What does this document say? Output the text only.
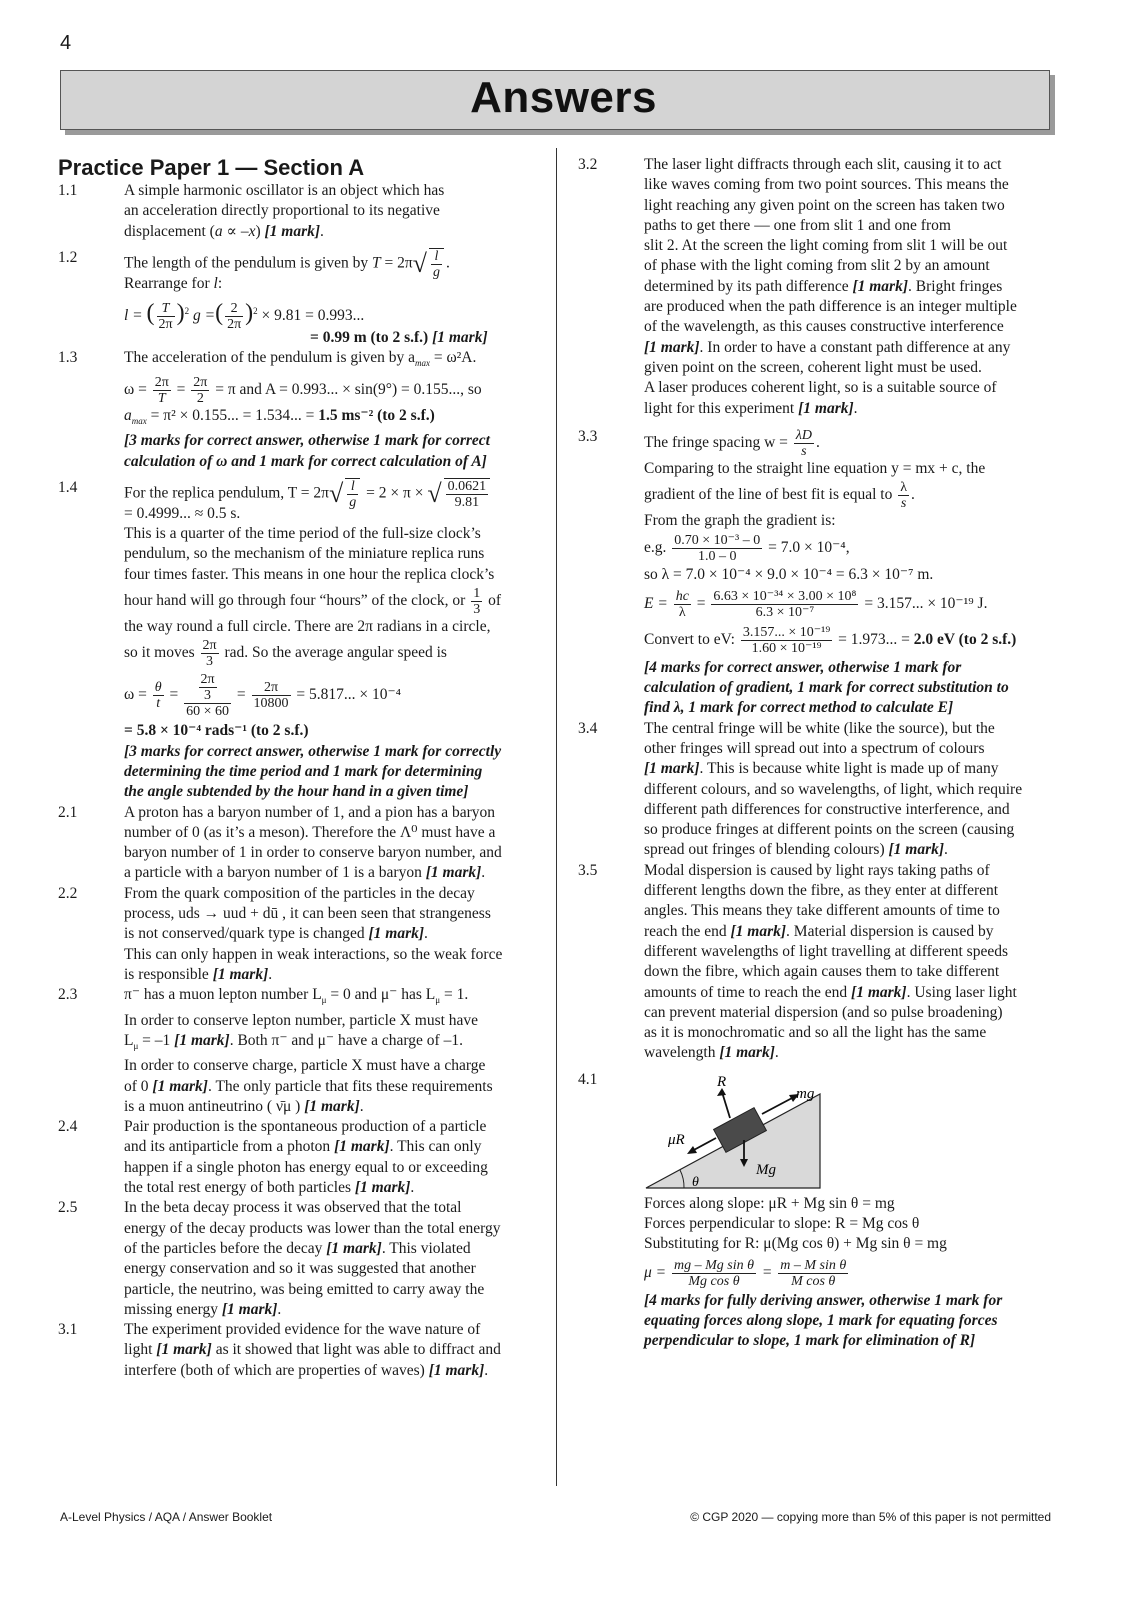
4
Answers
Practice Paper 1 — Section A
1.1	A simple harmonic oscillator is an object which has
an acceleration directly proportional to its negative
displacement (a ∝ –x) [1 mark].
1.2	The length of the pendulum is given by $T = 2\pi√ \frac{l}{g}$ .
Rearrange for l:
l = ( $\frac{T}{2\pi} )^2$ g =( $\frac{2}{2\pi} )^2 \times 9.81 = 0.993$...
= 0.99 m (to 2 s.f.) [1 mark]
1.3	The acceleration of the pendulum is given by $a_{max} = \omega^2A$.
$\omega = \frac{2\pi}{T} = \frac{2\pi}{2} = \pi$ and A = 0.993... × sin(9°) = 0.155..., so
$a_{max} = \pi^2 \times 0.155$... = 1.534... = 1.5 ms⁻² (to 2 s.f.)
[3 marks for correct answer, otherwise 1 mark for correct
calculation of ω and 1 mark for correct calculation of A]
1.4	For the replica pendulum, $T = 2\pi√ \frac{l}{g} = 2 \times \pi$ × √ $\frac{0.0621}{9.81}$
= 0.4999... ≈ 0.5 s.
This is a quarter of the time period of the full-size clock’s
pendulum, so the mechanism of the miniature replica runs
four times faster. This means in one hour the replica clock’s
hour hand will go through four “hours” of the clock, or $\frac{1}{3}$ of
the way round a full circle. There are 2π radians in a circle,
so it moves $\frac{2\pi}{3}$ rad. So the average angular speed is
$\omega = \frac{\theta}{t} = \frac{\frac{2\pi}{3}}{60 \times 60} = \frac{2\pi}{10800} = 5.817$... × 10⁻⁴
= 5.8 × 10⁻⁴ rads⁻¹ (to 2 s.f.)
[3 marks for correct answer, otherwise 1 mark for correctly
determining the time period and 1 mark for determining
the angle subtended by the hour hand in a given time]
2.1	A proton has a baryon number of 1, and a pion has a baryon
number of 0 (as it’s a meson). Therefore the Λ⁰ must have a
baryon number of 1 in order to conserve baryon number, and
a particle with a baryon number of 1 is a baryon [1 mark].
2.2	From the quark composition of the particles in the decay
process, uds → uud + dū , it can been seen that strangeness
is not conserved/quark type is changed [1 mark].
This can only happen in weak interactions, so the weak force
is responsible [1 mark].
2.3	π⁻ has a muon lepton number $L_\mu = 0$ and μ⁻ has $L_\mu = 1$.
In order to conserve lepton number, particle X must have
$L_\mu = -1$ [1 mark]. Both π⁻ and μ⁻ have a charge of –1.
In order to conserve charge, particle X must have a charge
of 0 [1 mark]. The only particle that fits these requirements
is a muon antineutrino ( ν̄μ ) [1 mark].
2.4	Pair production is the spontaneous production of a particle
and its antiparticle from a photon [1 mark]. This can only
happen if a single photon has energy equal to or exceeding
the total rest energy of both particles [1 mark].
2.5	In the beta decay process it was observed that the total
energy of the decay products was lower than the total energy
of the particles before the decay [1 mark]. This violated
energy conservation and so it was suggested that another
particle, the neutrino, was being emitted to carry away the
missing energy [1 mark].
3.1	The experiment provided evidence for the wave nature of
light [1 mark] as it showed that light was able to diffract and
interfere (both of which are properties of waves) [1 mark].
3.2	The laser light diffracts through each slit, causing it to act
like waves coming from two point sources. This means the
light reaching any given point on the screen has taken two
paths to get there — one from slit 1 and one from
slit 2. At the screen the light coming from slit 1 will be out
of phase with the light coming from slit 2 by an amount
determined by its path difference [1 mark]. Bright fringes
are produced when the path difference is an integer multiple
of the wavelength, as this causes constructive interference
[1 mark]. In order to have a constant path difference at any
given point on the screen, coherent light must be used.
A laser produces coherent light, so is a suitable source of
light for this experiment [1 mark].
3.3	The fringe spacing $w = \frac{\lambda D}{s}$ .
Comparing to the straight line equation y = mx + c, the
gradient of the line of best fit is equal to $\frac{\lambda}{s}$ .
From the graph the gradient is:
e.g. $\frac{\text{0.70 × 10⁻³ – 0}}{1.0 - 0} = 7.0 \times 10^{-4}$,
so λ = 7.0 × 10⁻⁴ × 9.0 × 10⁻⁴ = 6.3 × 10⁻⁷ m.
$E = \frac{hc}{\lambda} = \frac{\text{6.63 × 10⁻³⁴ × 3.00 × 10⁸}}{\text{6.3 × 10⁻⁷}} = 3.157$... × 10⁻¹⁹ J.
Convert to eV: $\frac{\text{3.157... × 10⁻¹⁹}}{\text{1.60 × 10⁻¹⁹}} = 1.973$... = 2.0 eV (to 2 s.f.)
[4 marks for correct answer, otherwise 1 mark for
calculation of gradient, 1 mark for correct substitution to
find λ, 1 mark for correct method to calculate E]
3.4	The central fringe will be white (like the source), but the
other fringes will spread out into a spectrum of colours
[1 mark]. This is because white light is made up of many
different colours, and so wavelengths, of light, which require
different path differences for constructive interference, and
so produce fringes at different points on the screen (causing
spread out fringes of blending colours) [1 mark].
3.5	Modal dispersion is caused by light rays taking paths of
different lengths down the fibre, as they enter at different
angles. This means they take different amounts of time to
reach the end [1 mark]. Material dispersion is caused by
different wavelengths of light travelling at different speeds
down the fibre, which again causes them to take different
amounts of time to reach the end [1 mark]. Using laser light
can prevent material dispersion (and so pulse broadening)
as it is monochromatic and so all the light has the same
wavelength [1 mark].
4.1	R
mg
μR
θ
Mg
Forces along slope: μR + Mg sin θ = mg
Forces perpendicular to slope: R = Mg cos θ
Substituting for R: μ(Mg cos θ) + Mg sin θ = mg
$\mu = \frac{\text{mg – Mg sin θ}}{\text{Mg cos θ}} = \frac{\text{m – M sin θ}}{\text{M cos θ}}$
[4 marks for fully deriving answer, otherwise 1 mark for
equating forces along slope, 1 mark for equating forces
perpendicular to slope, 1 mark for elimination of R]
A-Level Physics / AQA / Answer Booklet	© CGP 2020 — copying more than 5% of this paper is not permitted
